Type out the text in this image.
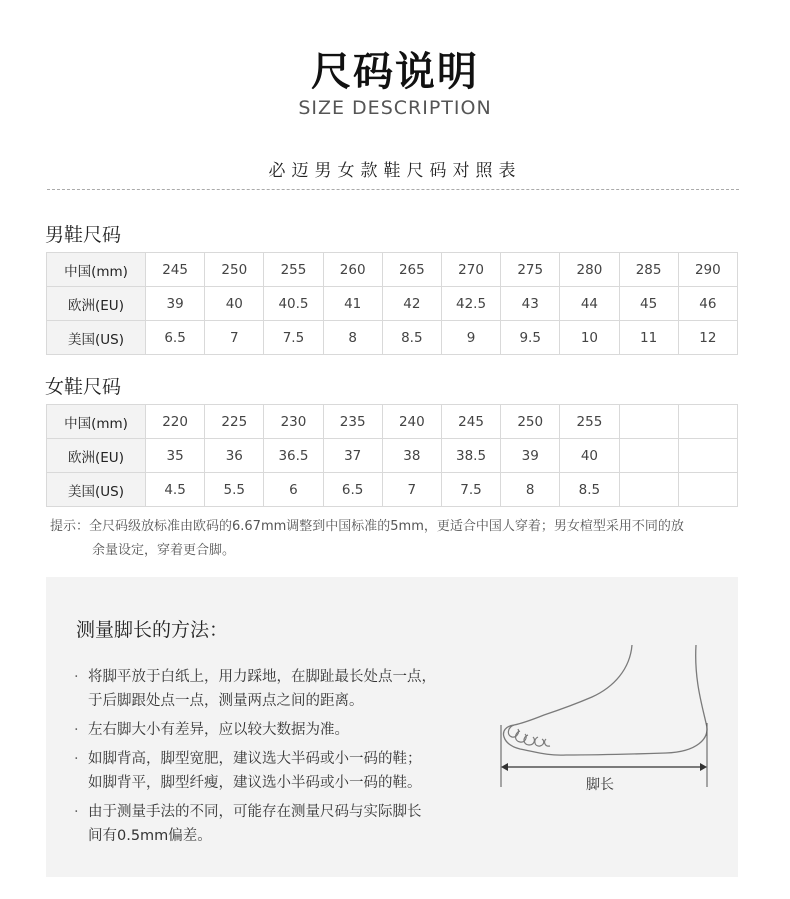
尺码说明
SIZE DESCRIPTION
必迈男女款鞋尺码对照表
男鞋尺码
中国(mm)	245	250	255	260	265	270	275	280	285	290
欧洲(EU)	39	40	40.5	41	42	42.5	43	44	45	46
美国(US)	6.5	7	7.5	8	8.5	9	9.5	10	11	12
女鞋尺码
中国(mm)	220	225	230	235	240	245	250	255		
欧洲(EU)	35	36	36.5	37	38	38.5	39	40		
美国(US)	4.5	5.5	6	6.5	7	7.5	8	8.5		
提示：全尺码级放标准由欧码的6.67mm调整到中国标准的5mm，更适合中国人穿着；男女楦型采用不同的放
余量设定，穿着更合脚。
测量脚长的方法：
· 将脚平放于白纸上，用力踩地，在脚趾最长处点一点，
于后脚跟处点一点，测量两点之间的距离。
· 左右脚大小有差异，应以较大数据为准。
· 如脚背高，脚型宽肥，建议选大半码或小一码的鞋；
如脚背平，脚型纤瘦，建议选小半码或小一码的鞋。
· 由于测量手法的不同，可能存在测量尺码与实际脚长
间有0.5mm偏差。
脚长
